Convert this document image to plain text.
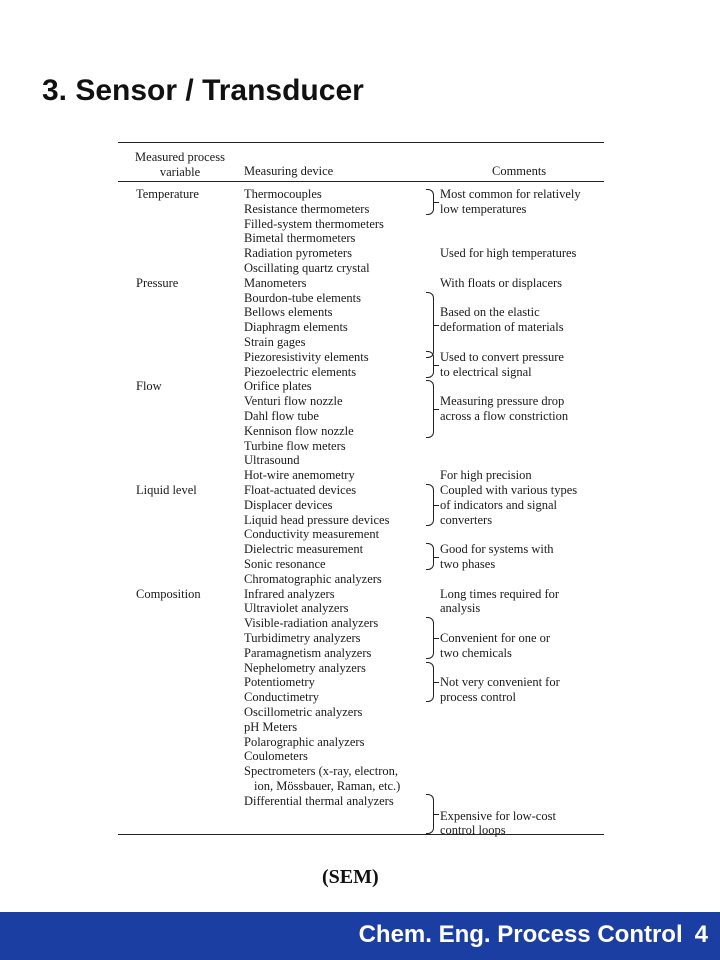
3. Sensor / Transducer
Measured process variable	Measuring device	Comments
Temperature
Pressure
Flow
Liquid level
Composition
Most common for relatively
low temperatures
Used for high temperatures
With floats or displacers
Based on the elastic
deformation of materials
Used to convert pressure
to electrical signal
Measuring pressure drop
across a flow constriction
For high precision
Coupled with various types
of indicators and signal
converters
Good for systems with
two phases
Long times required for
analysis
Convenient for one or
two chemicals
Not very convenient for
process control
Expensive for low-cost
control loops
Thermocouples
Resistance thermometers
Filled-system thermometers
Bimetal thermometers
Radiation pyrometers
Oscillating quartz crystal
Manometers
Bourdon-tube elements
Bellows elements
Diaphragm elements
Strain gages
Piezoresistivity elements
Piezoelectric elements
Orifice plates
Venturi flow nozzle
Dahl flow tube
Kennison flow nozzle
Turbine flow meters
Ultrasound
Hot-wire anemometry
Float-actuated devices
Displacer devices
Liquid head pressure devices
Conductivity measurement
Dielectric measurement
Sonic resonance
Chromatographic analyzers
Infrared analyzers
Ultraviolet analyzers
Visible-radiation analyzers
Turbidimetry analyzers
Paramagnetism analyzers
Nephelometry analyzers
Potentiometry
Conductimetry
Oscillometric analyzers
pH Meters
Polarographic analyzers
Coulometers
Spectrometers (x-ray, electron,
ion, Mössbauer, Raman, etc.)
Differential thermal analyzers
(SEM)
Chem. Eng. Process Control 4
